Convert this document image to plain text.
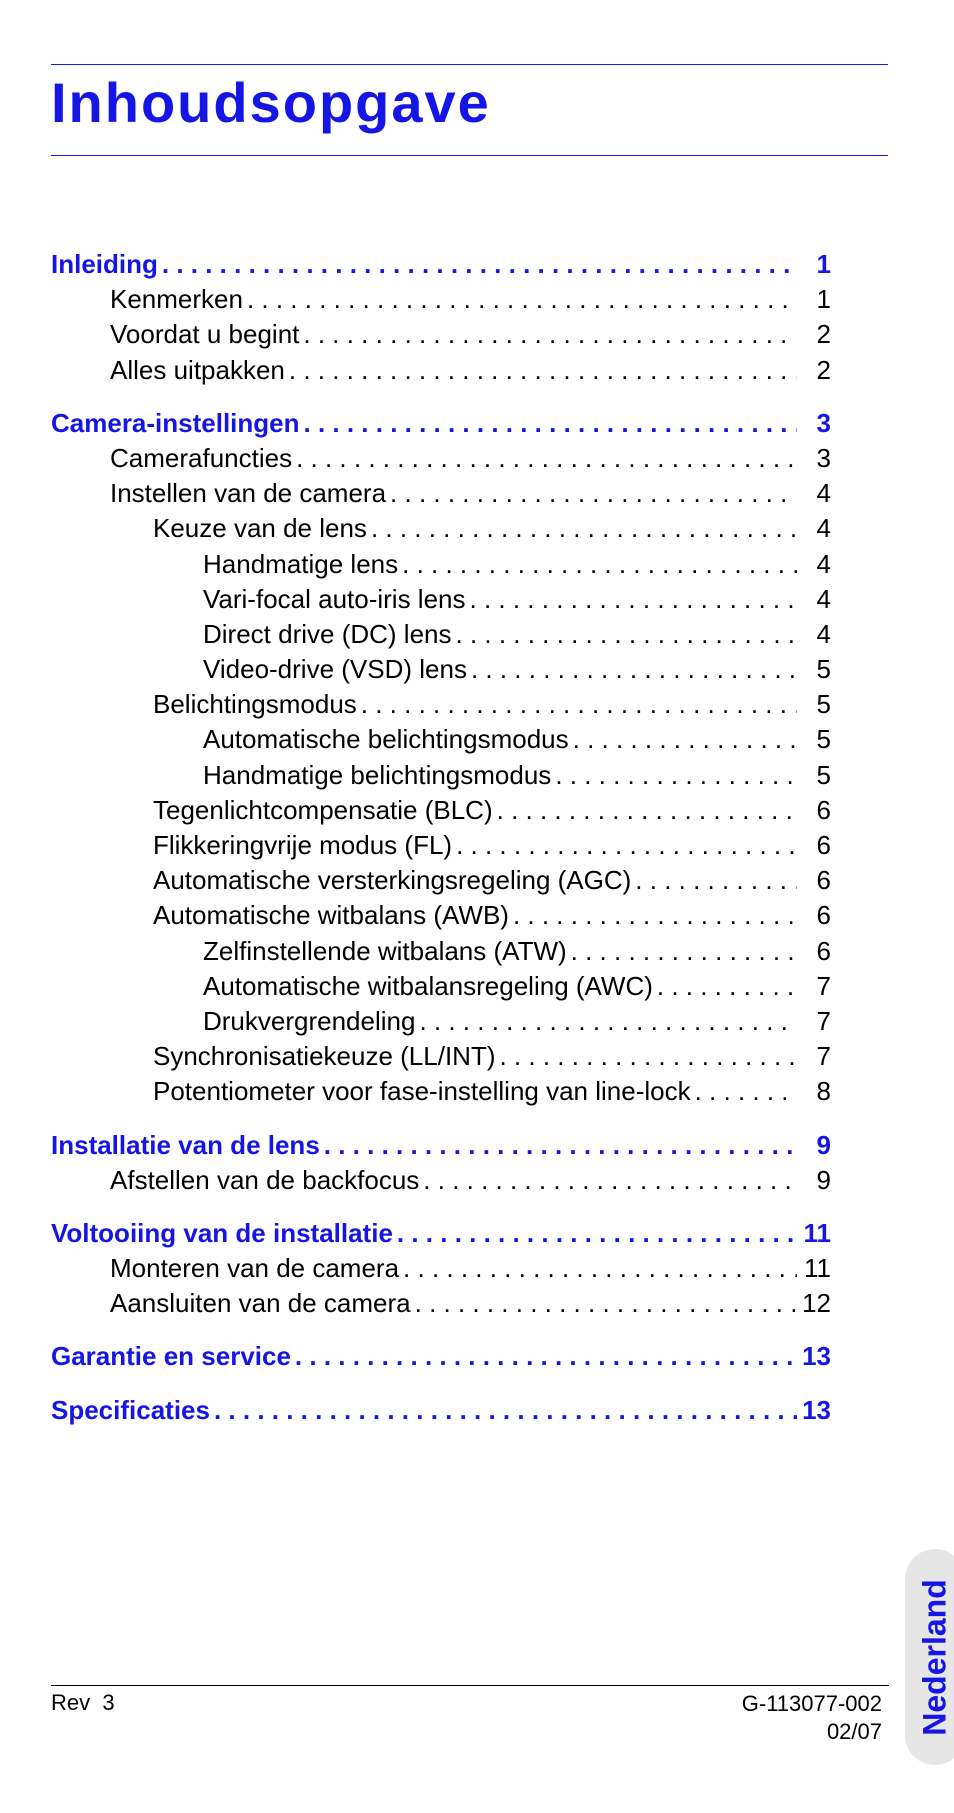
Inhoudsopgave
Inleiding . . .	1
Kenmerken . . .	1
Voordat u begint . . .	2
Alles uitpakken . . .	2
Camera-instellingen . . .	3
Camerafuncties . . .	3
Instellen van de camera . . .	4
Keuze van de lens . . .	4
Handmatige lens . . .	4
Vari-focal auto-iris lens . . .	4
Direct drive (DC) lens . . .	4
Video-drive (VSD) lens . . .	5
Belichtingsmodus . . .	5
Automatische belichtingsmodus . . .	5
Handmatige belichtingsmodus . . .	5
Tegenlichtcompensatie (BLC) . . .	6
Flikkeringvrije modus (FL) . . .	6
Automatische versterkingsregeling (AGC) . . .	6
Automatische witbalans (AWB) . . .	6
Zelfinstellende witbalans (ATW) . . .	6
Automatische witbalansregeling (AWC) . . .	7
Drukvergrendeling . . .	7
Synchronisatiekeuze (LL/INT) . . .	7
Potentiometer voor fase-instelling van line-lock . . .	8
Installatie van de lens . . .	9
Afstellen van de backfocus . . .	9
Voltooiing van de installatie . . .	11
Monteren van de camera . . .	11
Aansluiten van de camera . . .	12
Garantie en service . . .	13
Specificaties . . .	13
Rev  3	G-113077-002
02/07 Nederland
